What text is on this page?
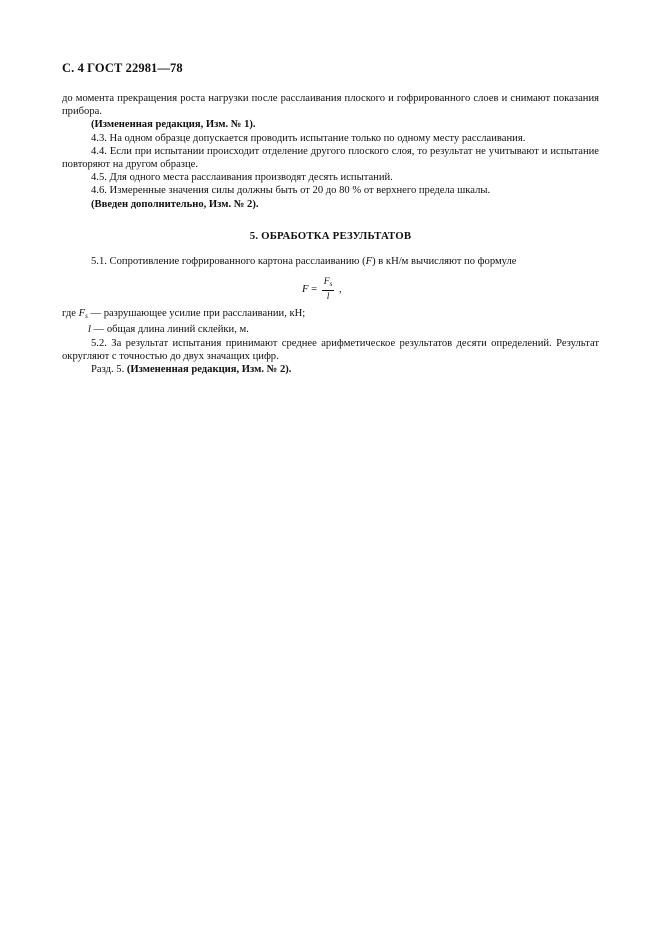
С. 4 ГОСТ 22981—78

до момента прекращения роста нагрузки после расслаивания плоского и гофрированного слоев и снимают показания прибора.

(Измененная редакция, Изм. № 1).

4.3. На одном образце допускается проводить испытание только по одному месту расслаивания.

4.4. Если при испытании происходит отделение другого плоского слоя, то результат не учитывают и испытание повторяют на другом образце.

4.5. Для одного места расслаивания производят десять испытаний.

4.6. Измеренные значения силы должны быть от 20 до 80 % от верхнего предела шкалы.

(Введен дополнительно, Изм. № 2).

5. ОБРАБОТКА РЕЗУЛЬТАТОВ

5.1. Сопротивление гофрированного картона расслаиванию (F) в кН/м вычисляют по формуле

$F = \frac{F_s}{l}$ ,

где $F_s$ — разрушающее усилие при расслаивании, кН;

l — общая длина линий склейки, м.

5.2. За результат испытания принимают среднее арифметическое результатов десяти определений. Результат округляют с точностью до двух значащих цифр.

Разд. 5. (Измененная редакция, Изм. № 2).
